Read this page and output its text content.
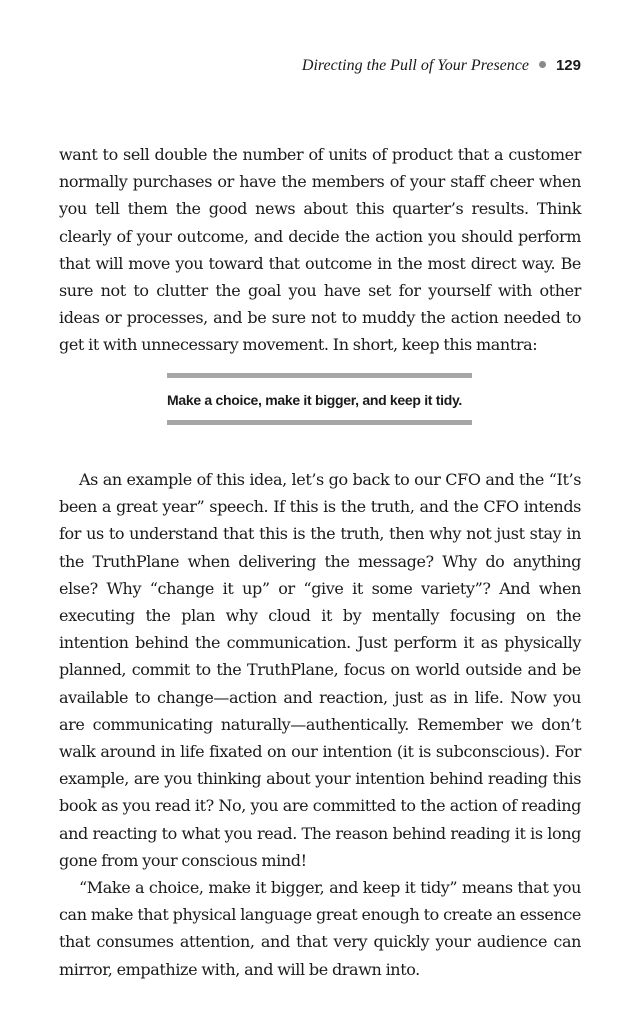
Directing the Pull of Your Presence 129

want to sell double the number of units of product that a customer normally purchases or have the members of your staff cheer when you tell them the good news about this quarter’s results. Think clearly of your outcome, and decide the action you should perform that will move you toward that outcome in the most direct way. Be sure not to clutter the goal you have set for yourself with other ideas or processes, and be sure not to muddy the action needed to get it with unnecessary movement. In short, keep this mantra:

Make a choice, make it bigger, and keep it tidy.

As an example of this idea, let’s go back to our CFO and the “It’s been a great year” speech. If this is the truth, and the CFO intends for us to understand that this is the truth, then why not just stay in the TruthPlane when delivering the message? Why do anything else? Why “change it up” or “give it some variety”? And when executing the plan why cloud it by mentally focusing on the intention behind the communication. Just perform it as physically planned, commit to the TruthPlane, focus on world outside and be available to change—action and reaction, just as in life. Now you are communicating naturally—authentically. Remember we don’t walk around in life fixated on our intention (it is subconscious). For example, are you thinking about your intention behind reading this book as you read it? No, you are committed to the action of reading and reacting to what you read. The reason behind reading it is long gone from your conscious mind!

“Make a choice, make it bigger, and keep it tidy” means that you can make that physical language great enough to create an essence that consumes attention, and that very quickly your audience can mirror, empathize with, and will be drawn into.
